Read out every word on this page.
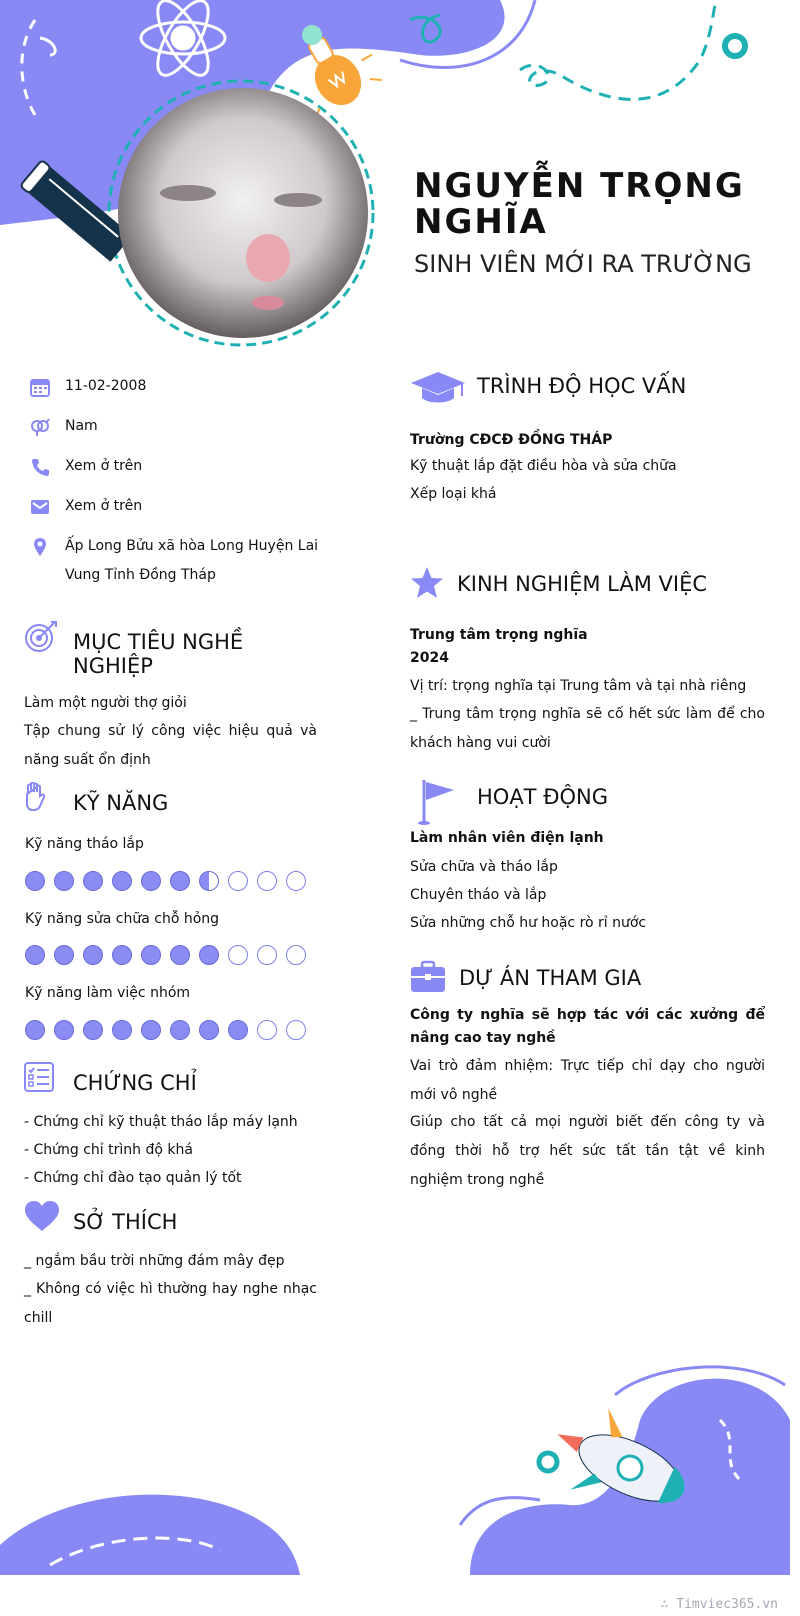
NGUYỄN TRỌNG NGHĨA
SINH VIÊN MỚI RA TRƯỜNG
11-02-2008
Nam
Xem ở trên
Xem ở trên
Ấp Long Bửu xã hòa Long Huyện Lai Vung Tỉnh Đồng Tháp
MỤC TIÊU NGHỀ NGHIỆP
Làm một người thợ giỏi
Tập chung sử lý công việc hiệu quả và năng suất ổn định
KỸ NĂNG
Kỹ năng tháo lắp
Kỹ năng sửa chữa chỗ hỏng
Kỹ năng làm việc nhóm
CHỨNG CHỈ
- Chứng chỉ kỹ thuật tháo lắp máy lạnh
- Chứng chỉ trình độ khá
- Chứng chỉ đào tạo quản lý tốt
SỞ THÍCH
_ ngắm bầu trời những đám mây đẹp
_ Không có việc hì thường hay nghe nhạc chill
TRÌNH ĐỘ HỌC VẤN
Trường CĐCĐ ĐỒNG THÁP
Kỹ thuật lắp đặt điều hòa và sửa chữa
Xếp loại khá
KINH NGHIỆM LÀM VIỆC
Trung tâm trọng nghĩa
2024
Vị trí: trọng nghĩa tại Trung tâm và tại nhà riêng
_ Trung tâm trọng nghĩa sẽ cố hết sức làm để cho khách hàng vui cười
HOẠT ĐỘNG
Làm nhân viên điện lạnh
Sửa chữa và tháo lắp
Chuyên tháo và lắp
Sửa những chỗ hư hoặc rò rỉ nước
DỰ ÁN THAM GIA
Công ty nghĩa sẽ hợp tác với các xưởng để nâng cao tay nghề
Vai trò đảm nhiệm: Trực tiếp chỉ dạy cho người mới vô nghề
Giúp cho tất cả mọi người biết đến công ty và đồng thời hỗ trợ hết sức tất tần tật về kinh nghiệm trong nghề
∴ Timviec365.vn
